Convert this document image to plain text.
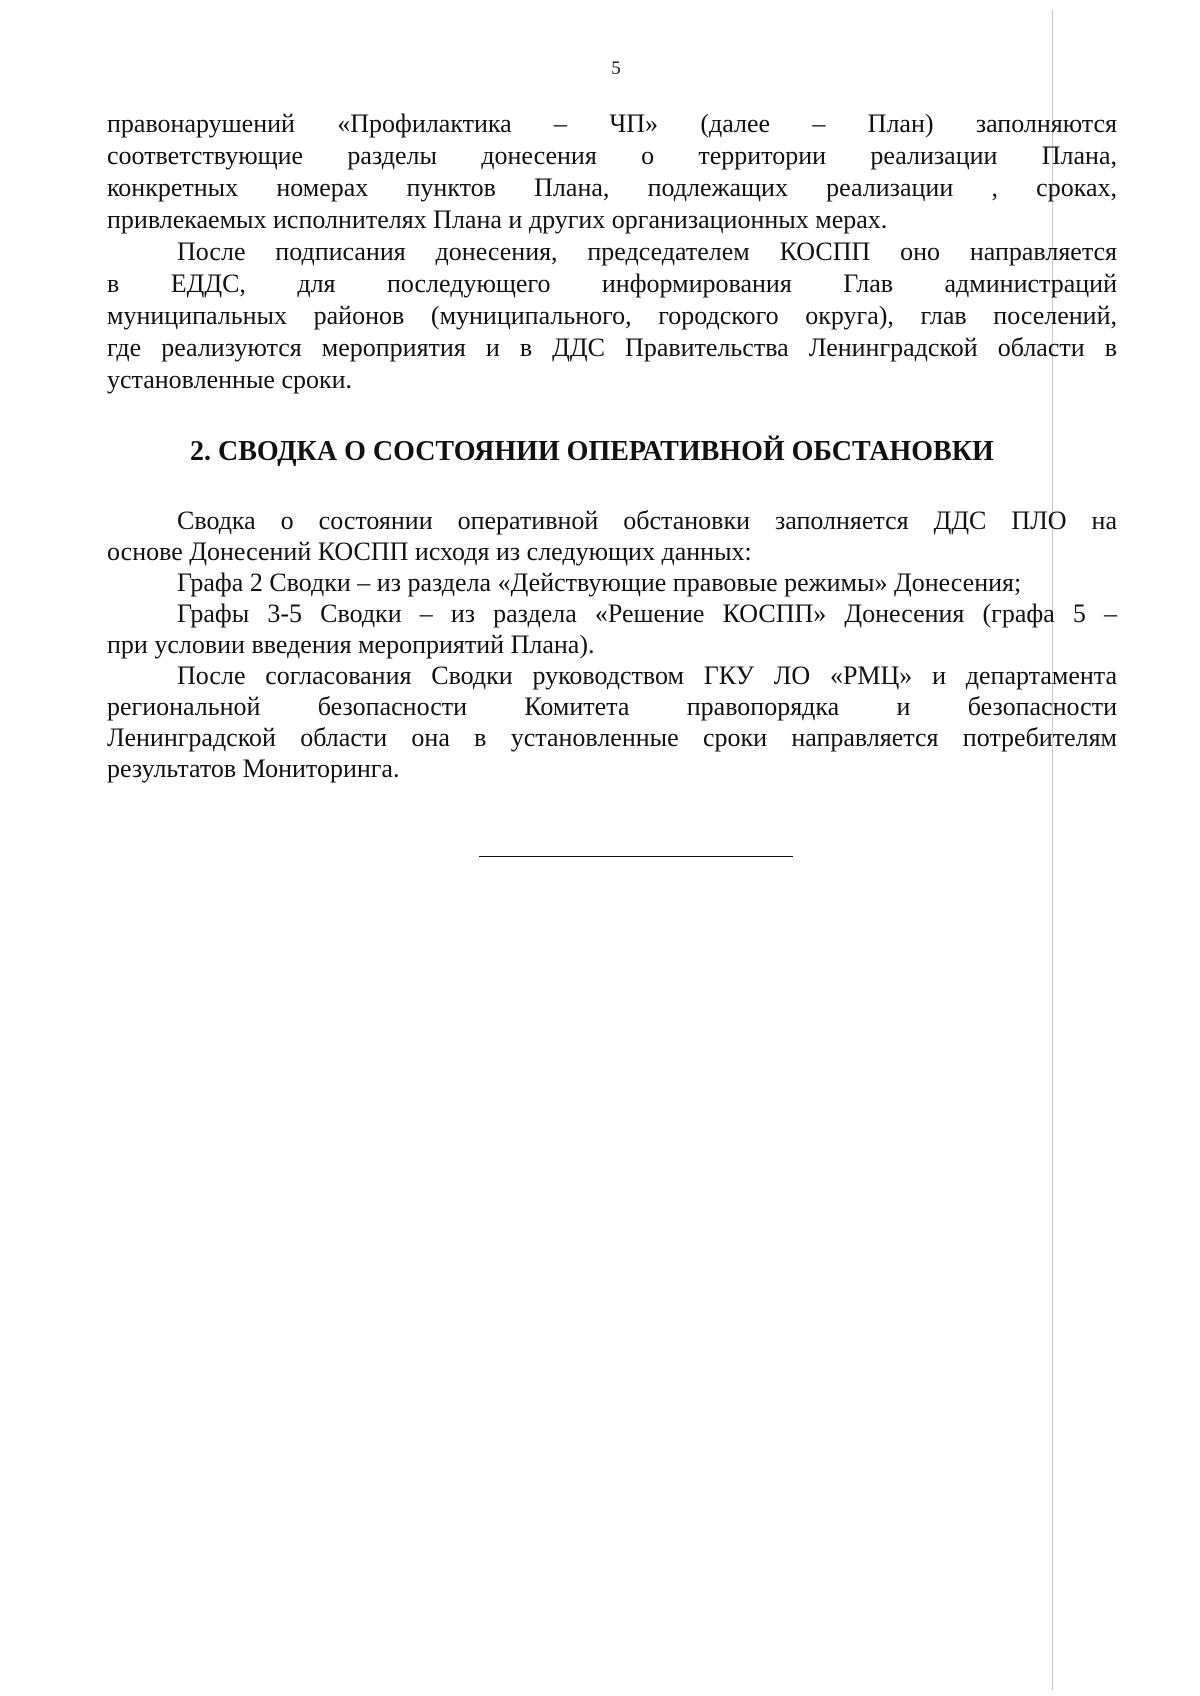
5
правонарушений «Профилактика – ЧП» (далее – План) заполняются
соответствующие разделы донесения о территории реализации Плана,
конкретных номерах пунктов Плана, подлежащих реализации , сроках,
привлекаемых исполнителях Плана и других организационных мерах.
После подписания донесения, председателем КОСПП оно направляется
в ЕДДС, для последующего информирования Глав администраций
муниципальных районов (муниципального, городского округа), глав поселений,
где реализуются мероприятия и в ДДС Правительства Ленинградской области в
установленные сроки.
2. СВОДКА О СОСТОЯНИИ ОПЕРАТИВНОЙ ОБСТАНОВКИ
Сводка о состоянии оперативной обстановки заполняется ДДС ПЛО на
основе Донесений КОСПП исходя из следующих данных:
Графа 2 Сводки – из раздела «Действующие правовые режимы» Донесения;
Графы 3-5 Сводки – из раздела «Решение КОСПП» Донесения (графа 5 –
при условии введения мероприятий Плана).
После согласования Сводки руководством ГКУ ЛО «РМЦ» и департамента
региональной безопасности Комитета правопорядка и безопасности
Ленинградской области она в установленные сроки направляется потребителям
результатов Мониторинга.
